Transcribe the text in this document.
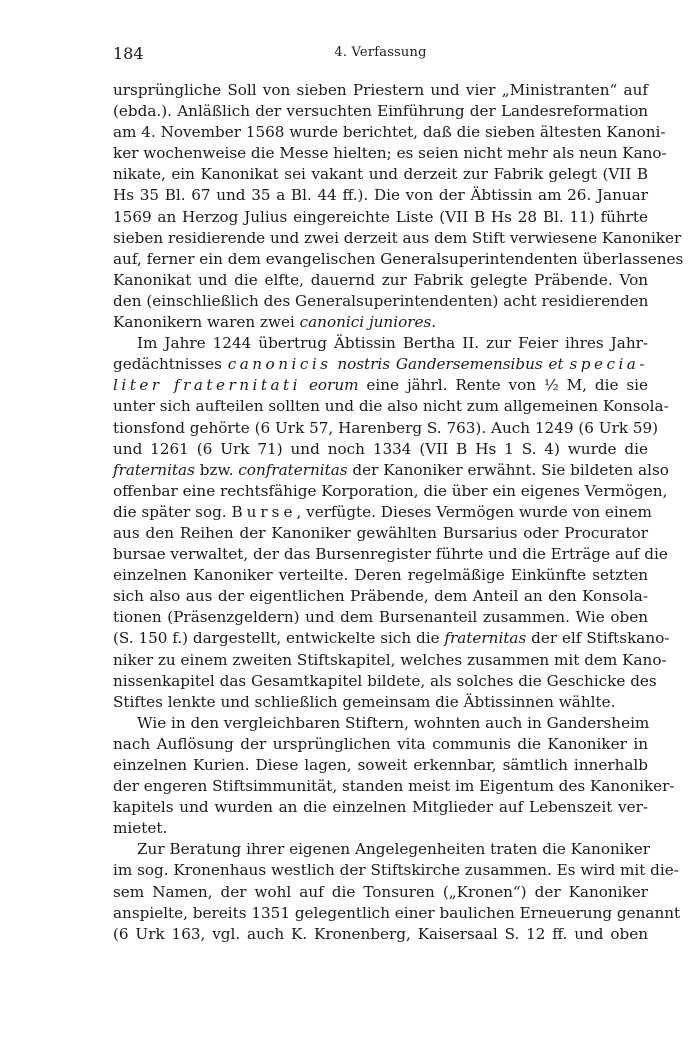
184	4. Verfassung
ursprüngliche Soll von sieben Priestern und vier „Ministranten“ auf
(ebda.). Anläßlich der versuchten Einführung der Landesreformation
am 4. November 1568 wurde berichtet, daß die sieben ältesten Kanoni-
ker wochenweise die Messe hielten; es seien nicht mehr als neun Kano-
nikate, ein Kanonikat sei vakant und derzeit zur Fabrik gelegt (VII B
Hs 35 Bl. 67 und 35 a Bl. 44 ff.). Die von der Äbtissin am 26. Januar
1569 an Herzog Julius eingereichte Liste (VII B Hs 28 Bl. 11) führte
sieben residierende und zwei derzeit aus dem Stift verwiesene Kanoniker
auf, ferner ein dem evangelischen Generalsuperintendenten überlassenes
Kanonikat und die elfte, dauernd zur Fabrik gelegte Präbende. Von
den (einschließlich des Generalsuperintendenten) acht residierenden
Kanonikern waren zwei canonici juniores.
Im Jahre 1244 übertrug Äbtissin Bertha II. zur Feier ihres Jahr-
gedächtnisses canonicis nostris Gandersemensibus et specia-
liter fraternitati eorum eine jährl. Rente von ½ M, die sie
unter sich aufteilen sollten und die also nicht zum allgemeinen Konsola-
tionsfond gehörte (6 Urk 57, Harenberg S. 763). Auch 1249 (6 Urk 59)
und 1261 (6 Urk 71) und noch 1334 (VII B Hs 1 S. 4) wurde die
fraternitas bzw. confraternitas der Kanoniker erwähnt. Sie bildeten also
offenbar eine rechtsfähige Korporation, die über ein eigenes Vermögen,
die später sog. Burse, verfügte. Dieses Vermögen wurde von einem
aus den Reihen der Kanoniker gewählten Bursarius oder Procurator
bursae verwaltet, der das Bursenregister führte und die Erträge auf die
einzelnen Kanoniker verteilte. Deren regelmäßige Einkünfte setzten
sich also aus der eigentlichen Präbende, dem Anteil an den Konsola-
tionen (Präsenzgeldern) und dem Bursenanteil zusammen. Wie oben
(S. 150 f.) dargestellt, entwickelte sich die fraternitas der elf Stiftskano-
niker zu einem zweiten Stiftskapitel, welches zusammen mit dem Kano-
nissenkapitel das Gesamtkapitel bildete, als solches die Geschicke des
Stiftes lenkte und schließlich gemeinsam die Äbtissinnen wählte.
Wie in den vergleichbaren Stiftern, wohnten auch in Gandersheim
nach Auflösung der ursprünglichen vita communis die Kanoniker in
einzelnen Kurien. Diese lagen, soweit erkennbar, sämtlich innerhalb
der engeren Stiftsimmunität, standen meist im Eigentum des Kanoniker-
kapitels und wurden an die einzelnen Mitglieder auf Lebenszeit ver-
mietet.
Zur Beratung ihrer eigenen Angelegenheiten traten die Kanoniker
im sog. Kronenhaus westlich der Stiftskirche zusammen. Es wird mit die-
sem Namen, der wohl auf die Tonsuren („Kronen“) der Kanoniker
anspielte, bereits 1351 gelegentlich einer baulichen Erneuerung genannt
(6 Urk 163, vgl. auch K. Kronenberg, Kaisersaal S. 12 ff. und oben
